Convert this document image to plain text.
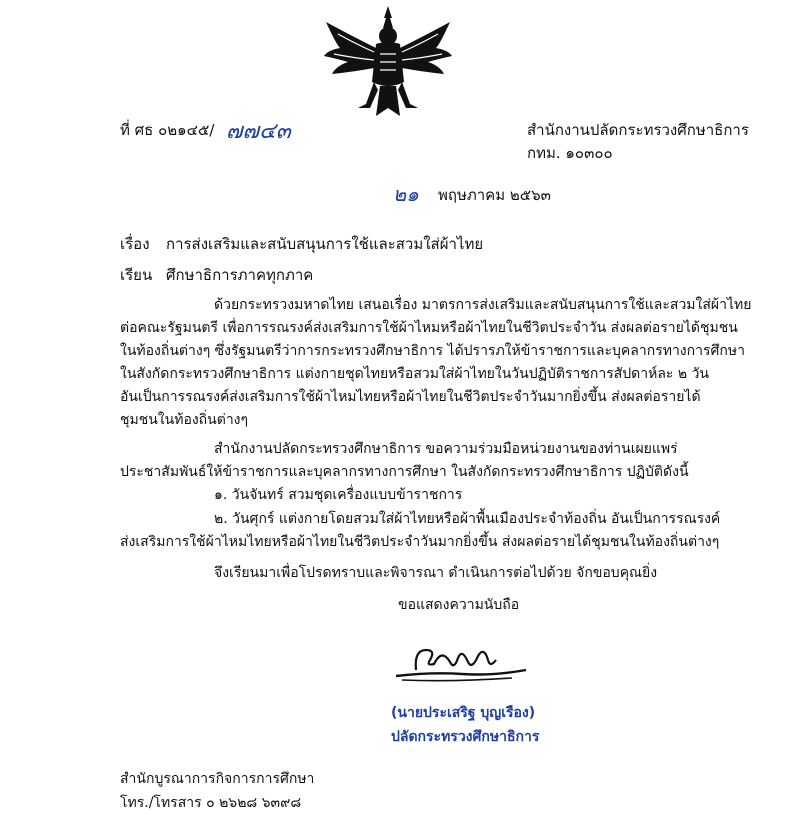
ที่ ศธ ๐๒๑๔๕/ ๗๗๔๓	สำนักงานปลัดกระทรวงศึกษาธิการ
กทม. ๑๐๓๐๐
๒๑ พฤษภาคม ๒๕๖๓
เรื่อง การส่งเสริมและสนับสนุนการใช้และสวมใส่ผ้าไทย
เรียน ศึกษาธิการภาคทุกภาค
ด้วยกระทรวงมหาดไทย เสนอเรื่อง มาตรการส่งเสริมและสนับสนุนการใช้และสวมใส่ผ้าไทย
ต่อคณะรัฐมนตรี เพื่อการรณรงค์ส่งเสริมการใช้ผ้าไหมหรือผ้าไทยในชีวิตประจำวัน ส่งผลต่อรายได้ชุมชน
ในท้องถิ่นต่างๆ ซึ่งรัฐมนตรีว่าการกระทรวงศึกษาธิการ ได้ปรารภให้ข้าราชการและบุคลากรทางการศึกษา
ในสังกัดกระทรวงศึกษาธิการ แต่งกายชุดไทยหรือสวมใส่ผ้าไทยในวันปฏิบัติราชการสัปดาห์ละ ๒ วัน
อันเป็นการรณรงค์ส่งเสริมการใช้ผ้าไหมไทยหรือผ้าไทยในชีวิตประจำวันมากยิ่งขึ้น ส่งผลต่อรายได้
ชุมชนในท้องถิ่นต่างๆ
สำนักงานปลัดกระทรวงศึกษาธิการ ขอความร่วมมือหน่วยงานของท่านเผยแพร่
ประชาสัมพันธ์ให้ข้าราชการและบุคลากรทางการศึกษา ในสังกัดกระทรวงศึกษาธิการ ปฏิบัติดังนี้
๑. วันจันทร์ สวมชุดเครื่องแบบข้าราชการ
๒. วันศุกร์ แต่งกายโดยสวมใส่ผ้าไทยหรือผ้าพื้นเมืองประจำท้องถิ่น อันเป็นการรณรงค์
ส่งเสริมการใช้ผ้าไหมไทยหรือผ้าไทยในชีวิตประจำวันมากยิ่งขึ้น ส่งผลต่อรายได้ชุมชนในท้องถิ่นต่างๆ
จึงเรียนมาเพื่อโปรดทราบและพิจารณา ดำเนินการต่อไปด้วย จักขอบคุณยิ่ง
ขอแสดงความนับถือ
(นายประเสริฐ บุญเรือง)
ปลัดกระทรวงศึกษาธิการ
สำนักบูรณาการกิจการการศึกษา
โทร./โทรสาร ๐ ๒๖๒๘ ๖๓๙๘
